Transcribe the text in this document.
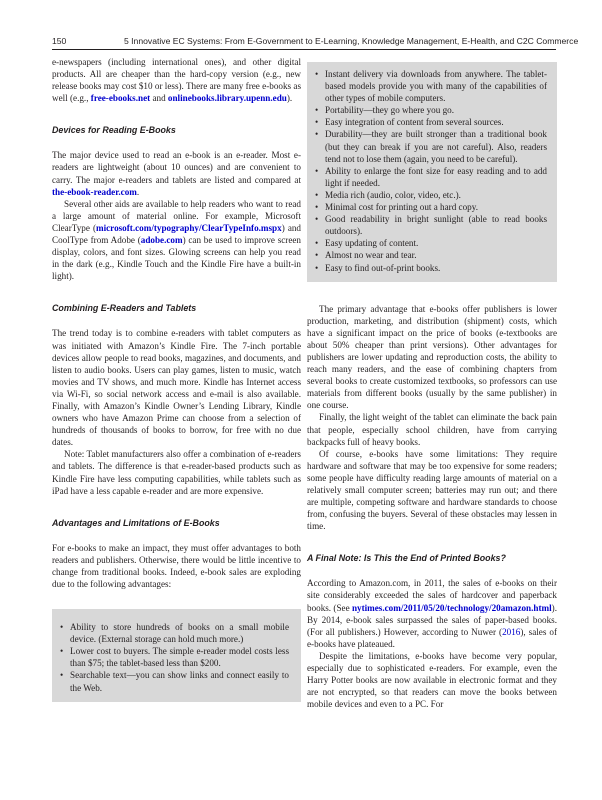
150	5 Innovative EC Systems: From E-Government to E-Learning, Knowledge Management, E-Health, and C2C Commerce

e-newspapers (including international ones), and other digital products. All are cheaper than the hard-copy version (e.g., new release books may cost $10 or less). There are many free e-books as well (e.g., free-ebooks.net and onlinebooks.library.upenn.edu).

Devices for Reading E-Books

The major device used to read an e-book is an e-reader. Most e-readers are lightweight (about 10 ounces) and are convenient to carry. The major e-readers and tablets are listed and compared at the-ebook-reader.com.

Several other aids are available to help readers who want to read a large amount of material online. For example, Microsoft ClearType (microsoft.com/typography/ClearTypeInfo.mspx) and CoolType from Adobe (adobe.com) can be used to improve screen display, colors, and font sizes. Glowing screens can help you read in the dark (e.g., Kindle Touch and the Kindle Fire have a built-in light).

Combining E-Readers and Tablets

The trend today is to combine e-readers with tablet computers as was initiated with Amazon’s Kindle Fire. The 7-inch portable devices allow people to read books, magazines, and documents, and listen to audio books. Users can play games, listen to music, watch movies and TV shows, and much more. Kindle has Internet access via Wi-Fi, so social network access and e-mail is also available. Finally, with Amazon’s Kindle Owner’s Lending Library, Kindle owners who have Amazon Prime can choose from a selection of hundreds of thousands of books to borrow, for free with no due dates.

Note: Tablet manufacturers also offer a combination of e-readers and tablets. The difference is that e-reader-based products such as Kindle Fire have less computing capabilities, while tablets such as iPad have a less capable e-reader and are more expensive.

Advantages and Limitations of E-Books

For e-books to make an impact, they must offer advantages to both readers and publishers. Otherwise, there would be little incentive to change from traditional books. Indeed, e-book sales are exploding due to the following advantages:

• Ability to store hundreds of books on a small mobile device. (External storage can hold much more.)
• Lower cost to buyers. The simple e-reader model costs less than $75; the tablet-based less than $200.
• Searchable text—you can show links and connect easily to the Web.
• Instant delivery via downloads from anywhere. The tablet-based models provide you with many of the capabilities of other types of mobile computers.
• Portability—they go where you go.
• Easy integration of content from several sources.
• Durability—they are built stronger than a traditional book (but they can break if you are not careful). Also, readers tend not to lose them (again, you need to be careful).
• Ability to enlarge the font size for easy reading and to add light if needed.
• Media rich (audio, color, video, etc.).
• Minimal cost for printing out a hard copy.
• Good readability in bright sunlight (able to read books outdoors).
• Easy updating of content.
• Almost no wear and tear.
• Easy to find out-of-print books.

The primary advantage that e-books offer publishers is lower production, marketing, and distribution (shipment) costs, which have a significant impact on the price of books (e-textbooks are about 50% cheaper than print versions). Other advantages for publishers are lower updating and reproduction costs, the ability to reach many readers, and the ease of combining chapters from several books to create customized textbooks, so professors can use materials from different books (usually by the same publisher) in one course.

Finally, the light weight of the tablet can eliminate the back pain that people, especially school children, have from carrying backpacks full of heavy books.

Of course, e-books have some limitations: They require hardware and software that may be too expensive for some readers; some people have difficulty reading large amounts of material on a relatively small computer screen; batteries may run out; and there are multiple, competing software and hardware standards to choose from, confusing the buyers. Several of these obstacles may lessen in time.

A Final Note: Is This the End of Printed Books?

According to Amazon.com, in 2011, the sales of e-books on their site considerably exceeded the sales of hardcover and paperback books. (See nytimes.com/2011/05/20/technology/20amazon.html). By 2014, e-book sales surpassed the sales of paper-based books. (For all publishers.) However, according to Nuwer (2016), sales of e-books have plateaued.

Despite the limitations, e-books have become very popular, especially due to sophisticated e-readers. For example, even the Harry Potter books are now available in electronic format and they are not encrypted, so that readers can move the books between mobile devices and even to a PC. For
